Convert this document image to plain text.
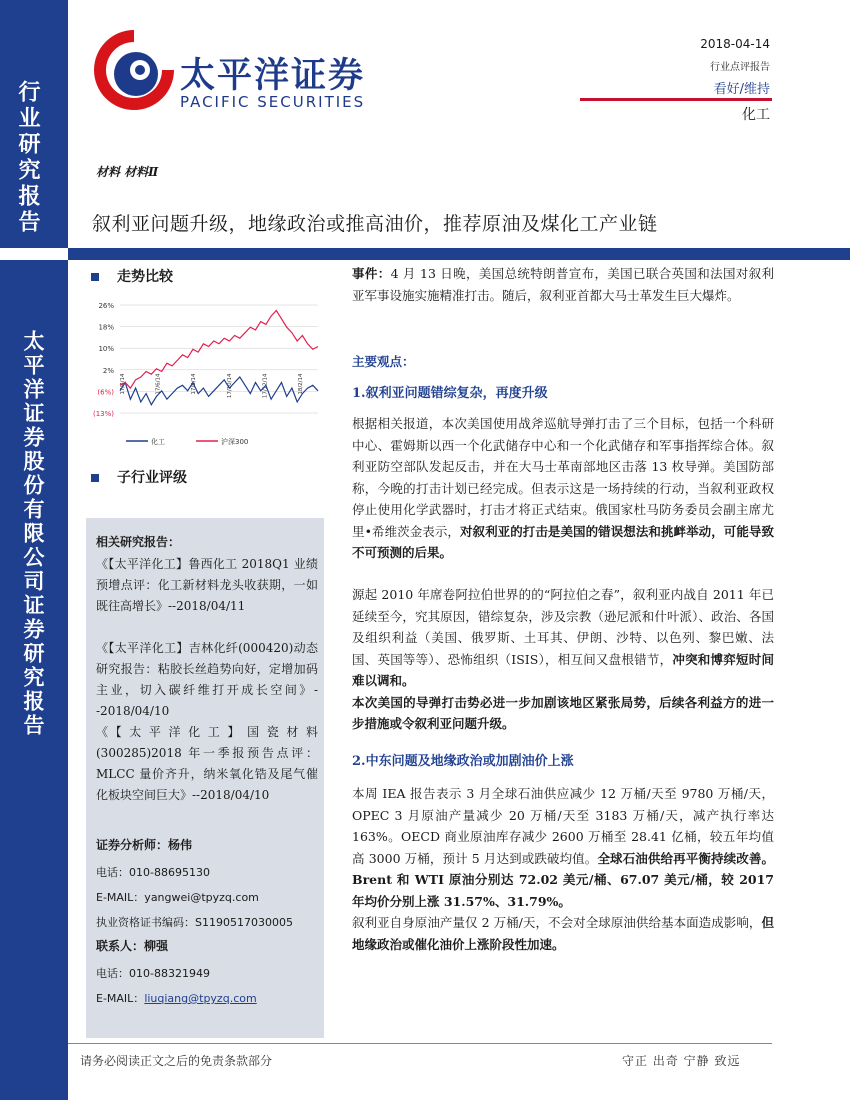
行业研究报告
太平洋证券股份有限公司证券研究报告
太平洋证券
PACIFIC SECURITIES
2018-04-14
行业点评报告
看好/维持
化工
材料 材料Ⅱ
叙利亚问题升级，地缘政治或推高油价，推荐原油及煤化工产业链
走势比较
26%
18%
10%
2%
(6%)
(13%)
17/4/14	17/6/14	17/8/14	17/10/14	17/12/14	18/2/14
化工	沪深300
子行业评级
相关研究报告：
《【太平洋化工】鲁西化工 2018Q1 业绩预增点评：化工新材料龙头收获期，一如既往高增长》--2018/04/11
《【太平洋化工】吉林化纤(000420)动态研究报告：粘胶长丝趋势向好，定增加码主业，切入碳纤维打开成长空间》--2018/04/10
《【太平洋化工】国瓷材料(300285)2018 年一季报预告点评：MLCC 量价齐升，纳米氧化锆及尾气催化板块空间巨大》--2018/04/10
证券分析师：杨伟
电话：010-88695130
E-MAIL：yangwei@tpyzq.com
执业资格证书编码：S1190517030005
联系人：柳强
电话：010-88321949
E-MAIL：liuqiang@tpyzq.com
事件：4 月 13 日晚，美国总统特朗普宣布，美国已联合英国和法国对叙利亚军事设施实施精准打击。随后，叙利亚首都大马士革发生巨大爆炸。
主要观点：
1.叙利亚问题错综复杂，再度升级
根据相关报道，本次美国使用战斧巡航导弹打击了三个目标，包括一个科研中心、霍姆斯以西一个化武储存中心和一个化武储存和军事指挥综合体。叙利亚防空部队发起反击，并在大马士革南部地区击落 13 枚导弹。美国防部称，今晚的打击计划已经完成。但表示这是一场持续的行动，当叙利亚政权停止使用化学武器时，打击才将正式结束。俄国家杜马防务委员会副主席尤里•希维茨金表示，对叙利亚的打击是美国的错误想法和挑衅举动，可能导致不可预测的后果。
源起 2010 年席卷阿拉伯世界的的“阿拉伯之春”，叙利亚内战自 2011 年已延续至今，究其原因，错综复杂，涉及宗教（逊尼派和什叶派）、政治、各国及组织利益（美国、俄罗斯、土耳其、伊朗、沙特、以色列、黎巴嫩、法国、英国等等）、恐怖组织（ISIS），相互间又盘根错节，冲突和博弈短时间难以调和。
本次美国的导弹打击势必进一步加剧该地区紧张局势，后续各利益方的进一步措施或令叙利亚问题升级。
2.中东问题及地缘政治或加剧油价上涨
本周 IEA 报告表示 3 月全球石油供应减少 12 万桶/天至 9780 万桶/天，OPEC 3 月原油产量减少 20 万桶/天至 3183 万桶/天，减产执行率达 163%。OECD 商业原油库存减少 2600 万桶至 28.41 亿桶，较五年均值高 3000 万桶，预计 5 月达到或跌破均值。全球石油供给再平衡持续改善。Brent 和 WTI 原油分别达 72.02 美元/桶、67.07 美元/桶，较 2017 年均价分别上涨 31.57%、31.79%。
叙利亚自身原油产量仅 2 万桶/天，不会对全球原油供给基本面造成影响，但地缘政治或催化油价上涨阶段性加速。
请务必阅读正文之后的免责条款部分	守正 出奇 宁静 致远
